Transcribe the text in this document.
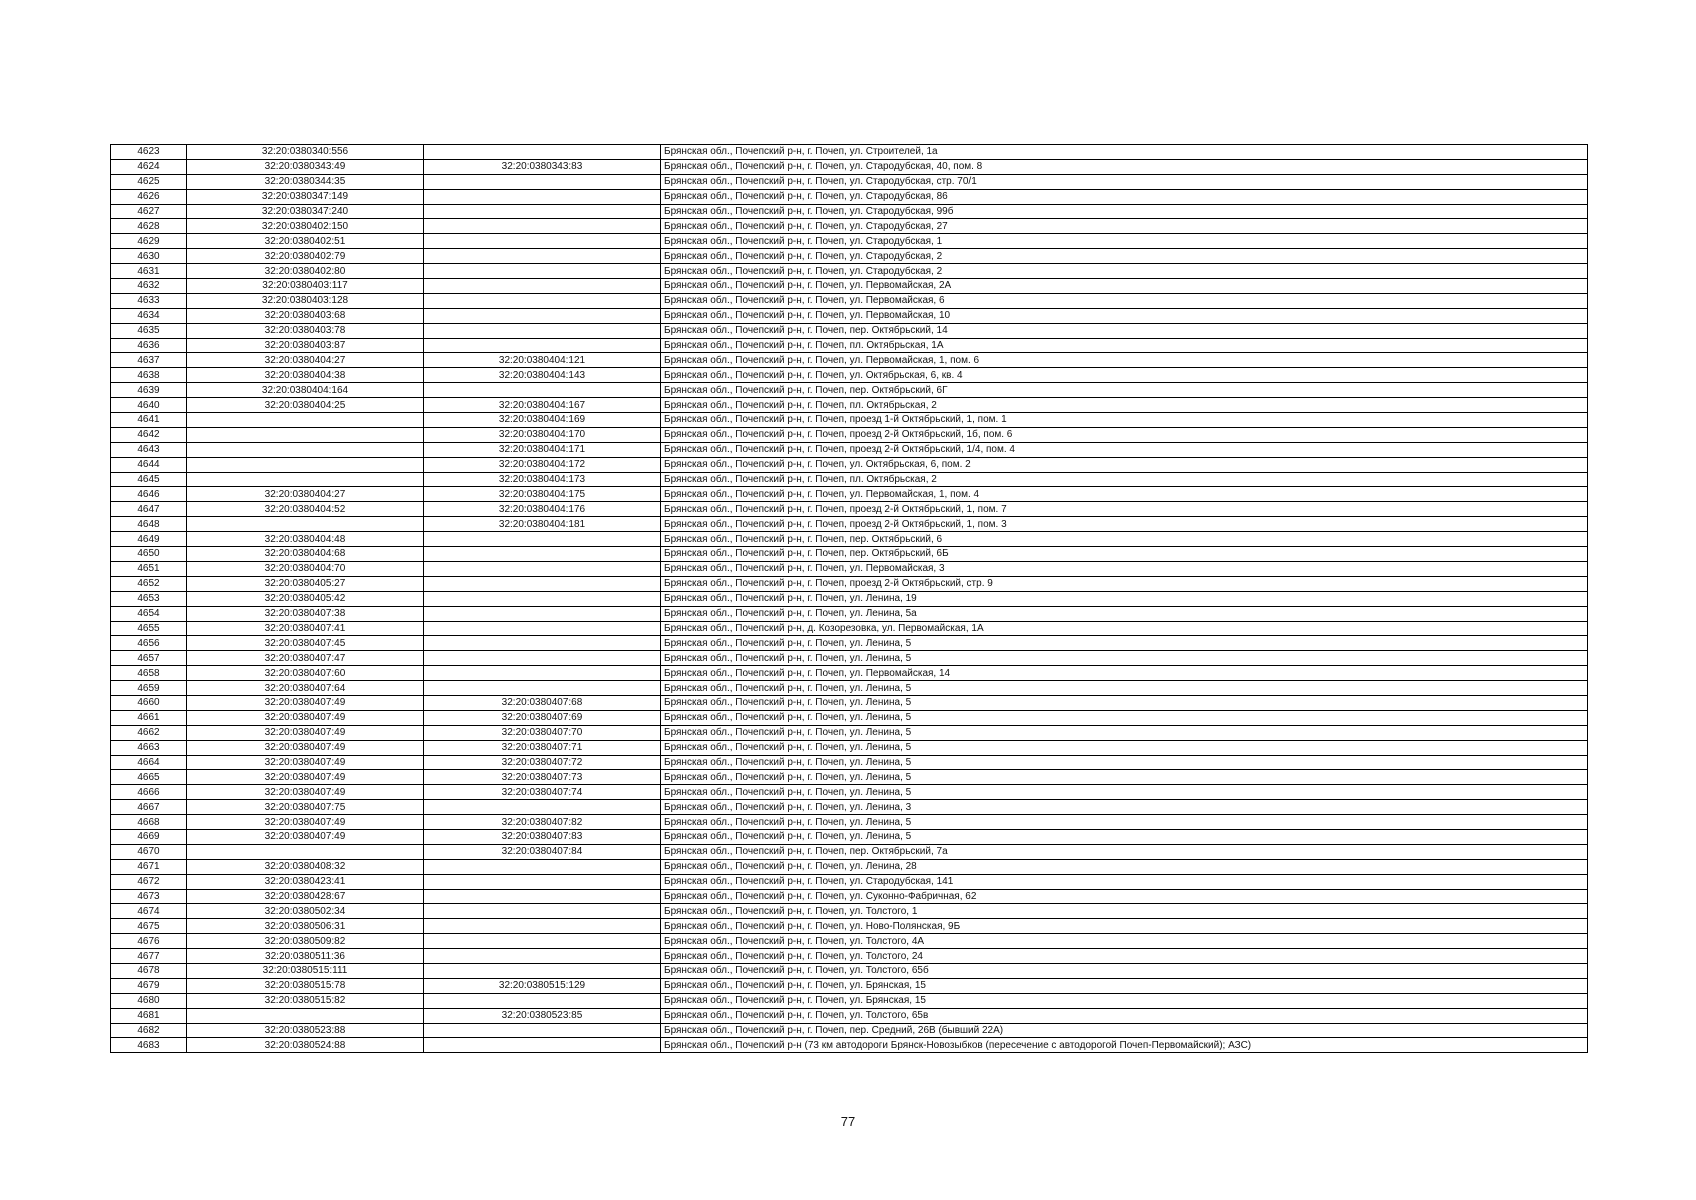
4623	32:20:0380340:556		Брянская обл., Почепский р-н, г. Почеп, ул. Строителей, 1а
4624	32:20:0380343:49	32:20:0380343:83	Брянская обл., Почепский р-н, г. Почеп, ул. Стародубская, 40, пом. 8
4625	32:20:0380344:35		Брянская обл., Почепский р-н, г. Почеп, ул. Стародубская, стр. 70/1
4626	32:20:0380347:149		Брянская обл., Почепский р-н, г. Почеп, ул. Стародубская, 86
4627	32:20:0380347:240		Брянская обл., Почепский р-н, г. Почеп, ул. Стародубская, 99б
4628	32:20:0380402:150		Брянская обл., Почепский р-н, г. Почеп, ул. Стародубская, 27
4629	32:20:0380402:51		Брянская обл., Почепский р-н, г. Почеп, ул. Стародубская, 1
4630	32:20:0380402:79		Брянская обл., Почепский р-н, г. Почеп, ул. Стародубская, 2
4631	32:20:0380402:80		Брянская обл., Почепский р-н, г. Почеп, ул. Стародубская, 2
4632	32:20:0380403:117		Брянская обл., Почепский р-н, г. Почеп, ул. Первомайская, 2А
4633	32:20:0380403:128		Брянская обл., Почепский р-н, г. Почеп, ул. Первомайская, 6
4634	32:20:0380403:68		Брянская обл., Почепский р-н, г. Почеп, ул. Первомайская, 10
4635	32:20:0380403:78		Брянская обл., Почепский р-н, г. Почеп, пер. Октябрьский, 14
4636	32:20:0380403:87		Брянская обл., Почепский р-н, г. Почеп, пл. Октябрьская, 1А
4637	32:20:0380404:27	32:20:0380404:121	Брянская обл., Почепский р-н, г. Почеп, ул. Первомайская, 1, пом. 6
4638	32:20:0380404:38	32:20:0380404:143	Брянская обл., Почепский р-н, г. Почеп, ул. Октябрьская, 6, кв. 4
4639	32:20:0380404:164		Брянская обл., Почепский р-н, г. Почеп, пер. Октябрьский, 6Г
4640	32:20:0380404:25	32:20:0380404:167	Брянская обл., Почепский р-н, г. Почеп, пл. Октябрьская, 2
4641		32:20:0380404:169	Брянская обл., Почепский р-н, г. Почеп, проезд 1-й Октябрьский, 1, пом. 1
4642		32:20:0380404:170	Брянская обл., Почепский р-н, г. Почеп, проезд 2-й Октябрьский, 1б, пом. 6
4643		32:20:0380404:171	Брянская обл., Почепский р-н, г. Почеп, проезд 2-й Октябрьский, 1/4, пом. 4
4644		32:20:0380404:172	Брянская обл., Почепский р-н, г. Почеп, ул. Октябрьская, 6, пом. 2
4645		32:20:0380404:173	Брянская обл., Почепский р-н, г. Почеп, пл. Октябрьская, 2
4646	32:20:0380404:27	32:20:0380404:175	Брянская обл., Почепский р-н, г. Почеп, ул. Первомайская, 1, пом. 4
4647	32:20:0380404:52	32:20:0380404:176	Брянская обл., Почепский р-н, г. Почеп, проезд 2-й Октябрьский, 1, пом. 7
4648		32:20:0380404:181	Брянская обл., Почепский р-н, г. Почеп, проезд 2-й Октябрьский, 1, пом. 3
4649	32:20:0380404:48		Брянская обл., Почепский р-н, г. Почеп, пер. Октябрьский, 6
4650	32:20:0380404:68		Брянская обл., Почепский р-н, г. Почеп, пер. Октябрьский, 6Б
4651	32:20:0380404:70		Брянская обл., Почепский р-н, г. Почеп, ул. Первомайская, 3
4652	32:20:0380405:27		Брянская обл., Почепский р-н, г. Почеп, проезд 2-й Октябрьский, стр. 9
4653	32:20:0380405:42		Брянская обл., Почепский р-н, г. Почеп, ул. Ленина, 19
4654	32:20:0380407:38		Брянская обл., Почепский р-н, г. Почеп, ул. Ленина, 5а
4655	32:20:0380407:41		Брянская обл., Почепский р-н, д. Козорезовка, ул. Первомайская, 1А
4656	32:20:0380407:45		Брянская обл., Почепский р-н, г. Почеп, ул. Ленина, 5
4657	32:20:0380407:47		Брянская обл., Почепский р-н, г. Почеп, ул. Ленина, 5
4658	32:20:0380407:60		Брянская обл., Почепский р-н, г. Почеп, ул. Первомайская, 14
4659	32:20:0380407:64		Брянская обл., Почепский р-н, г. Почеп, ул. Ленина, 5
4660	32:20:0380407:49	32:20:0380407:68	Брянская обл., Почепский р-н, г. Почеп, ул. Ленина, 5
4661	32:20:0380407:49	32:20:0380407:69	Брянская обл., Почепский р-н, г. Почеп, ул. Ленина, 5
4662	32:20:0380407:49	32:20:0380407:70	Брянская обл., Почепский р-н, г. Почеп, ул. Ленина, 5
4663	32:20:0380407:49	32:20:0380407:71	Брянская обл., Почепский р-н, г. Почеп, ул. Ленина, 5
4664	32:20:0380407:49	32:20:0380407:72	Брянская обл., Почепский р-н, г. Почеп, ул. Ленина, 5
4665	32:20:0380407:49	32:20:0380407:73	Брянская обл., Почепский р-н, г. Почеп, ул. Ленина, 5
4666	32:20:0380407:49	32:20:0380407:74	Брянская обл., Почепский р-н, г. Почеп, ул. Ленина, 5
4667	32:20:0380407:75		Брянская обл., Почепский р-н, г. Почеп, ул. Ленина, 3
4668	32:20:0380407:49	32:20:0380407:82	Брянская обл., Почепский р-н, г. Почеп, ул. Ленина, 5
4669	32:20:0380407:49	32:20:0380407:83	Брянская обл., Почепский р-н, г. Почеп, ул. Ленина, 5
4670		32:20:0380407:84	Брянская обл., Почепский р-н, г. Почеп, пер. Октябрьский, 7а
4671	32:20:0380408:32		Брянская обл., Почепский р-н, г. Почеп, ул. Ленина, 28
4672	32:20:0380423:41		Брянская обл., Почепский р-н, г. Почеп, ул. Стародубская, 141
4673	32:20:0380428:67		Брянская обл., Почепский р-н, г. Почеп, ул. Суконно-Фабричная, 62
4674	32:20:0380502:34		Брянская обл., Почепский р-н, г. Почеп, ул. Толстого, 1
4675	32:20:0380506:31		Брянская обл., Почепский р-н, г. Почеп, ул. Ново-Полянская, 9Б
4676	32:20:0380509:82		Брянская обл., Почепский р-н, г. Почеп, ул. Толстого, 4А
4677	32:20:0380511:36		Брянская обл., Почепский р-н, г. Почеп, ул. Толстого, 24
4678	32:20:0380515:111		Брянская обл., Почепский р-н, г. Почеп, ул. Толстого, 65б
4679	32:20:0380515:78	32:20:0380515:129	Брянская обл., Почепский р-н, г. Почеп, ул. Брянская, 15
4680	32:20:0380515:82		Брянская обл., Почепский р-н, г. Почеп, ул. Брянская, 15
4681		32:20:0380523:85	Брянская обл., Почепский р-н, г. Почеп, ул. Толстого, 65в
4682	32:20:0380523:88		Брянская обл., Почепский р-н, г. Почеп, пер. Средний, 26В (бывший 22А)
4683	32:20:0380524:88		Брянская обл., Почепский р-н (73 км автодороги Брянск-Новозыбков (пересечение с автодорогой Почеп-Первомайский); АЗС)
77
